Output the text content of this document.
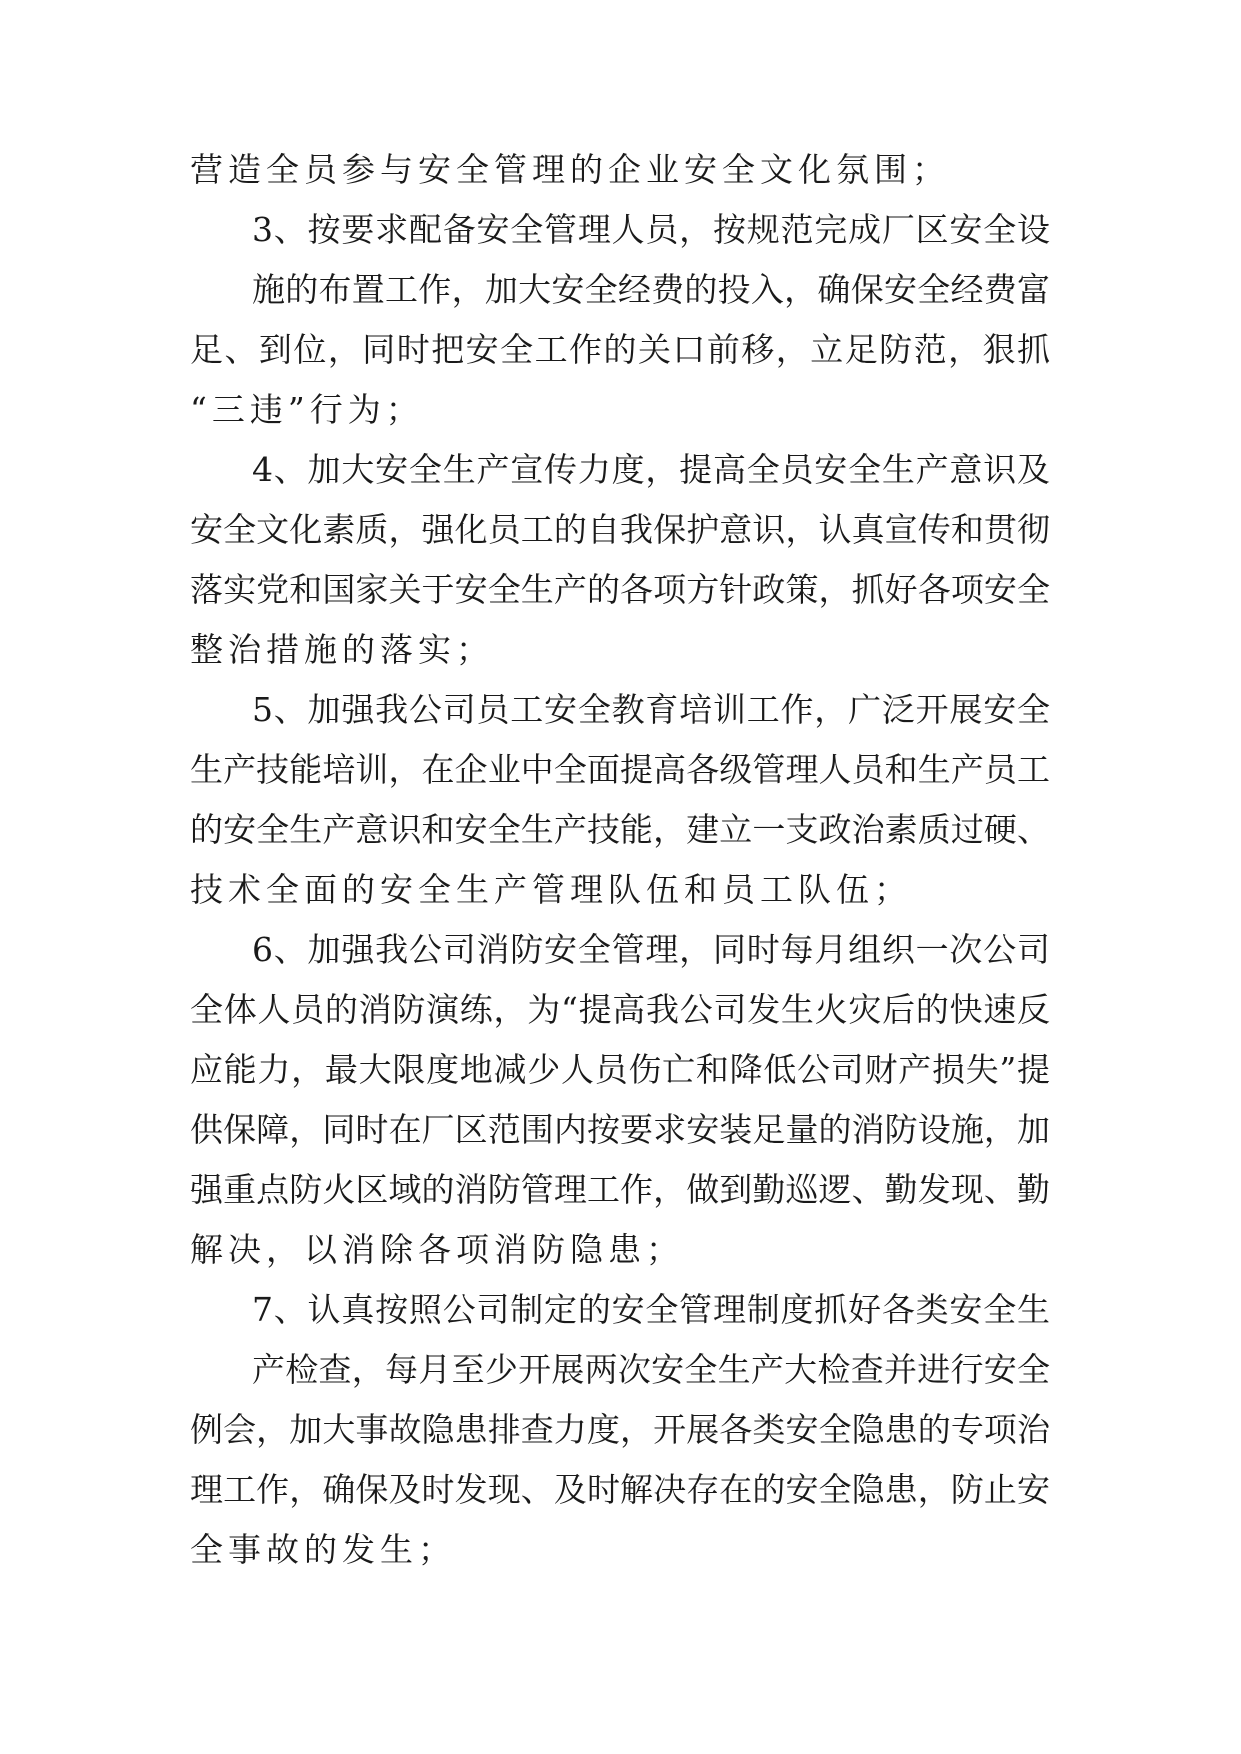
营造全员参与安全管理的企业安全文化氛围；
3、按要求配备安全管理人员，按规范完成厂区安全设
施的布置工作，加大安全经费的投入，确保安全经费富
足、到位，同时把安全工作的关口前移，立足防范，狠抓
“三违”行为；
4、加大安全生产宣传力度，提高全员安全生产意识及
安全文化素质，强化员工的自我保护意识，认真宣传和贯彻
落实党和国家关于安全生产的各项方针政策，抓好各项安全
整治措施的落实；
5、加强我公司员工安全教育培训工作，广泛开展安全
生产技能培训，在企业中全面提高各级管理人员和生产员工
的安全生产意识和安全生产技能，建立一支政治素质过硬、
技术全面的安全生产管理队伍和员工队伍；
6、加强我公司消防安全管理，同时每月组织一次公司
全体人员的消防演练，为“提高我公司发生火灾后的快速反
应能力，最大限度地减少人员伤亡和降低公司财产损失”提
供保障，同时在厂区范围内按要求安装足量的消防设施，加
强重点防火区域的消防管理工作，做到勤巡逻、勤发现、勤
解决，以消除各项消防隐患；
7、认真按照公司制定的安全管理制度抓好各类安全生
产检查，每月至少开展两次安全生产大检查并进行安全
例会，加大事故隐患排查力度，开展各类安全隐患的专项治
理工作，确保及时发现、及时解决存在的安全隐患，防止安
全事故的发生；
